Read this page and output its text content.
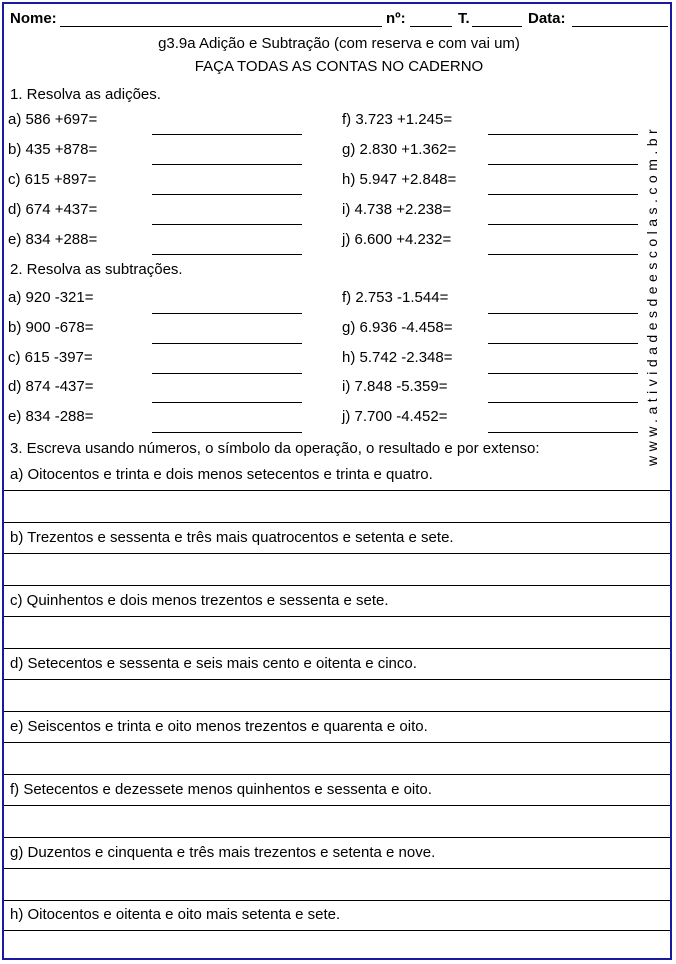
Nome:	nº:	T.	Data:
g3.9a Adição e Subtração (com reserva e com vai um)
FAÇA TODAS AS CONTAS NO CADERNO
1. Resolva as adições.
a) 586 +697=
b) 435 +878=
c) 615 +897=
d) 674 +437=
e) 834 +288=
f) 3.723 +1.245=
g) 2.830 +1.362=
h) 5.947 +2.848=
i) 4.738 +2.238=
j) 6.600 +4.232=
2. Resolva as subtrações.
a) 920 -321=
b) 900 -678=
c) 615 -397=
d) 874 -437=
e) 834 -288=
f) 2.753 -1.544=
g) 6.936 -4.458=
h) 5.742 -2.348=
i) 7.848 -5.359=
j) 7.700 -4.452=	www.atividadesdeescolas.com.br
3. Escreva usando números, o símbolo da operação, o resultado e por extenso:
a) Oitocentos e trinta e dois menos setecentos e trinta e quatro.
b) Trezentos e sessenta e três mais quatrocentos e setenta e sete.
c) Quinhentos e dois menos trezentos e sessenta e sete.
d) Setecentos e sessenta e seis mais cento e oitenta e cinco.
e) Seiscentos e trinta e oito menos trezentos e quarenta e oito.
f) Setecentos e dezessete menos quinhentos e sessenta e oito.
g) Duzentos e cinquenta e três mais trezentos e setenta e nove.
h) Oitocentos e oitenta e oito mais setenta e sete.
